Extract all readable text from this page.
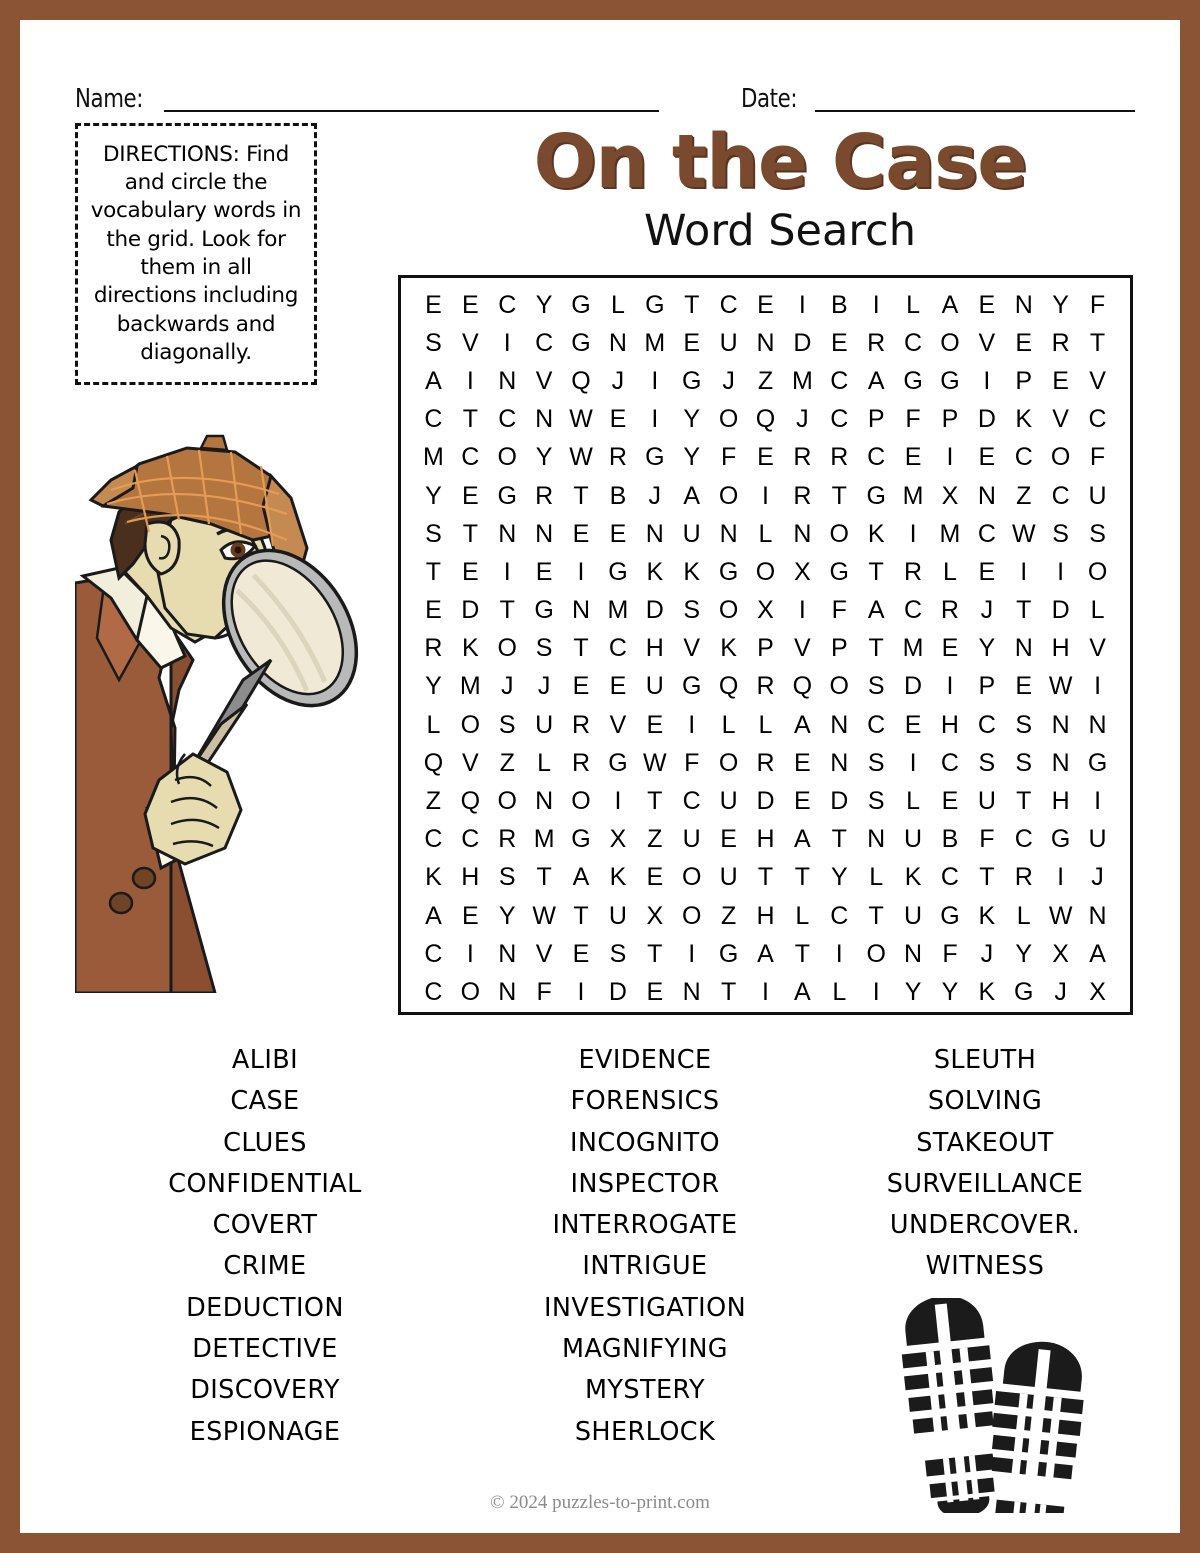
Name:	Date:
DIRECTIONS: Find and circle the vocabulary words in the grid. Look for them in all directions including backwards and diagonally.
On the Case
Word Search
E E C Y G L G T C E	I	B	I	L A E N Y F
S V	I C G N M E U N D E R C O V E R T
A	I N V Q J	I G J Z M C A G G I	P E V
C T C N W E	I	Y O Q J C P F P D K V C
M C O Y W R G Y F E R R C E	I	E C O F
Y E G R T B J A O I R T G M X N Z C U
S T N N E E N U N L N O K	I M C W S S
T E	I	E	I G K K G O X G T R L E	I	I O
E D T G N M D S O X	I	F A C R J T D L
R K O S T C H V K P V P T M E Y N H V
Y M J J E E U G Q R Q O S D I	P E W I
L O S U R V E	I	L L A N C E H C S N N
Q V Z L R G W F O R E N S	I C S S N G
Z Q O N O I	T C U D E D S L E U T H I
C C R M G X Z U E H A T N U B F C G U
K H S T A K E O U T T Y L K C T R I	J
A E Y W T U X O Z H L C T U G K L W N
C I N V E S T	I G A T	I O N F J Y X A
C O N F	I D E N T	I	A L	I	Y Y K G J X
ALIBI
CASE
CLUES
CONFIDENTIAL
COVERT
CRIME
DEDUCTION
DETECTIVE
DISCOVERY
ESPIONAGE
EVIDENCE
FORENSICS
INCOGNITO
INSPECTOR
INTERROGATE
INTRIGUE
INVESTIGATION
MAGNIFYING
MYSTERY
SHERLOCK
SLEUTH
SOLVING
STAKEOUT
SURVEILLANCE
UNDERCOVER.
WITNESS
© 2024 puzzles-to-print.com
